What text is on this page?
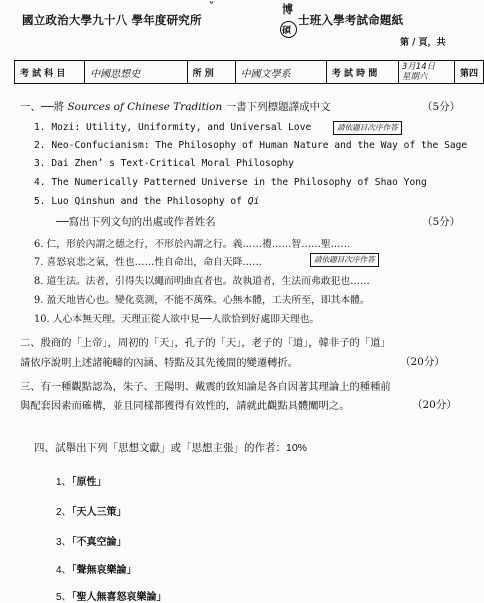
ˇ
國立政治大學九十八 學年度研究所
博
碩
士班入學考試命題紙
第 / 頁，共
考 試 科 目	中國思想史	所 別	中國文學系	考 試 時 間	
3月14日
星期六	第四
一、──將 Sources of Chinese Tradition 一書下列標題譯成中文	（5分）
1. Mozi: Utility, Uniformity, and Universal Love	請依題目次序作答
2. Neo-Confucianism: The Philosophy of Human Nature and the Way of the Sage
3. Dai Zhen’ s Text-Critical Moral Philosophy
4. The Numerically Patterned Universe in the Philosophy of Shao Yong
5. Luo Qinshun and the Philosophy of Qi
──寫出下列文句的出處或作者姓名	（5分）
6. 仁，形於內謂之德之行，不形於內謂之行。義……禮……智……聖……
7. 喜怒哀悲之氣，性也……性自命出，命自天降……	請依題目次序作答
8. 道生法。法者，引得失以繩而明曲直者也。故執道者，生法而弗敢犯也……
9. 盈天地皆心也。變化莫測，不能不萬殊。心無本體，工夫所至，即其本體。
10. 人心本無天理。天理正從人欲中見──人欲恰到好處即天理也。
二、殷商的「上帝」，周初的「天」，孔子的「天」，老子的「道」，韓非子的「道」
請依序說明上述諸範疇的內涵、特點及其先後間的變遷轉折。	（20分）
三、有一種觀點認為，朱子、王陽明、戴震的致知論是各自因著其理論上的種種前
與配套因素而確構，並且同樣都獲得有效性的，請就此觀點具體闡明之。	（20分）
四、試舉出下列「思想文獻」或「思想主張」的作者：10%
1、「原性」
2、「天人三策」
3、「不真空論」
4、「聲無哀樂論」
5、「聖人無喜怒哀樂論」
